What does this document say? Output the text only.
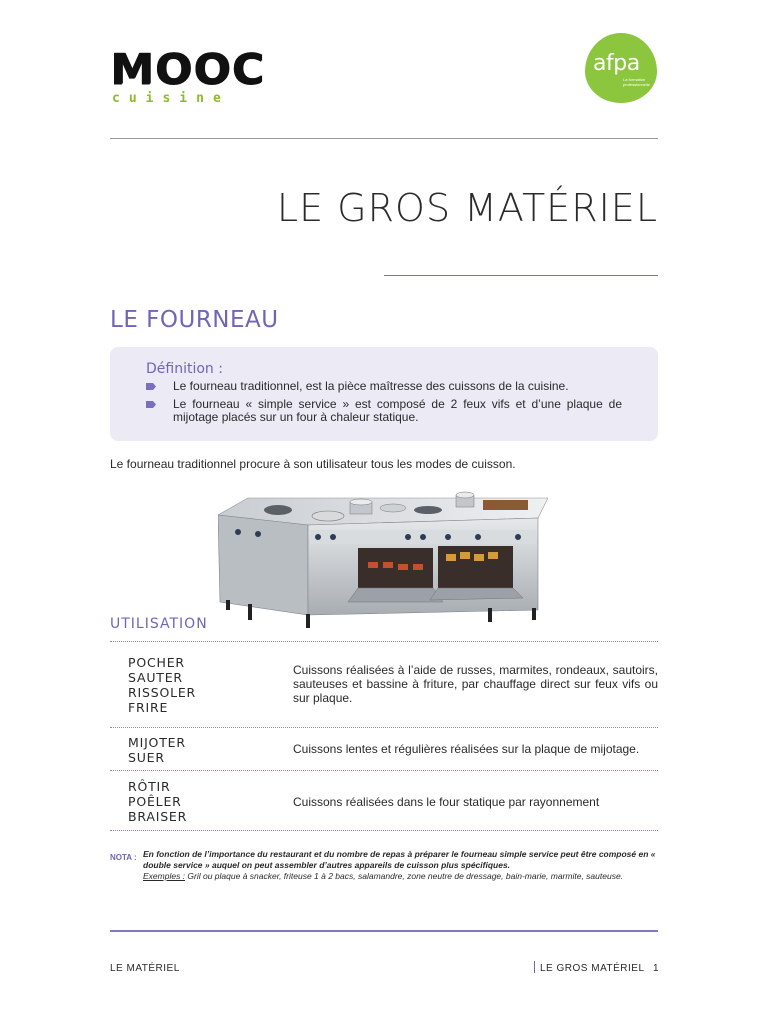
MOOC
cuisine
afpa
La formation professionnelle
LE GROS MATÉRIEL
LE FOURNEAU
Définition :
Le fourneau traditionnel, est la pièce maîtresse des cuissons de la cuisine.
Le fourneau « simple service » est composé de 2 feux vifs et d’une plaque de mijotage placés sur un four à chaleur statique.
Le fourneau traditionnel procure à son utilisateur tous les modes de cuisson.
UTILISATION
POCHER
SAUTER
RISSOLER
FRIRE
Cuissons réalisées à l’aide de russes, marmites, rondeaux, sautoirs, sauteuses et bassine à friture, par chauffage direct sur feux vifs ou sur plaque.
MIJOTER
SUER
Cuissons lentes et régulières réalisées sur la plaque de mijotage.
RÔTIR
POÊLER
BRAISER
Cuissons réalisées dans le four statique par rayonnement
NOTA : En fonction de l’importance du restaurant et du nombre de repas à préparer le fourneau simple service peut être composé en « double service » auquel on peut assembler d’autres appareils de cuisson plus spécifiques.
Exemples : Gril ou plaque à snacker, friteuse 1 à 2 bacs, salamandre, zone neutre de dressage, bain-marie, marmite, sauteuse.
LE MATÉRIEL	LE GROS MATÉRIEL 1
